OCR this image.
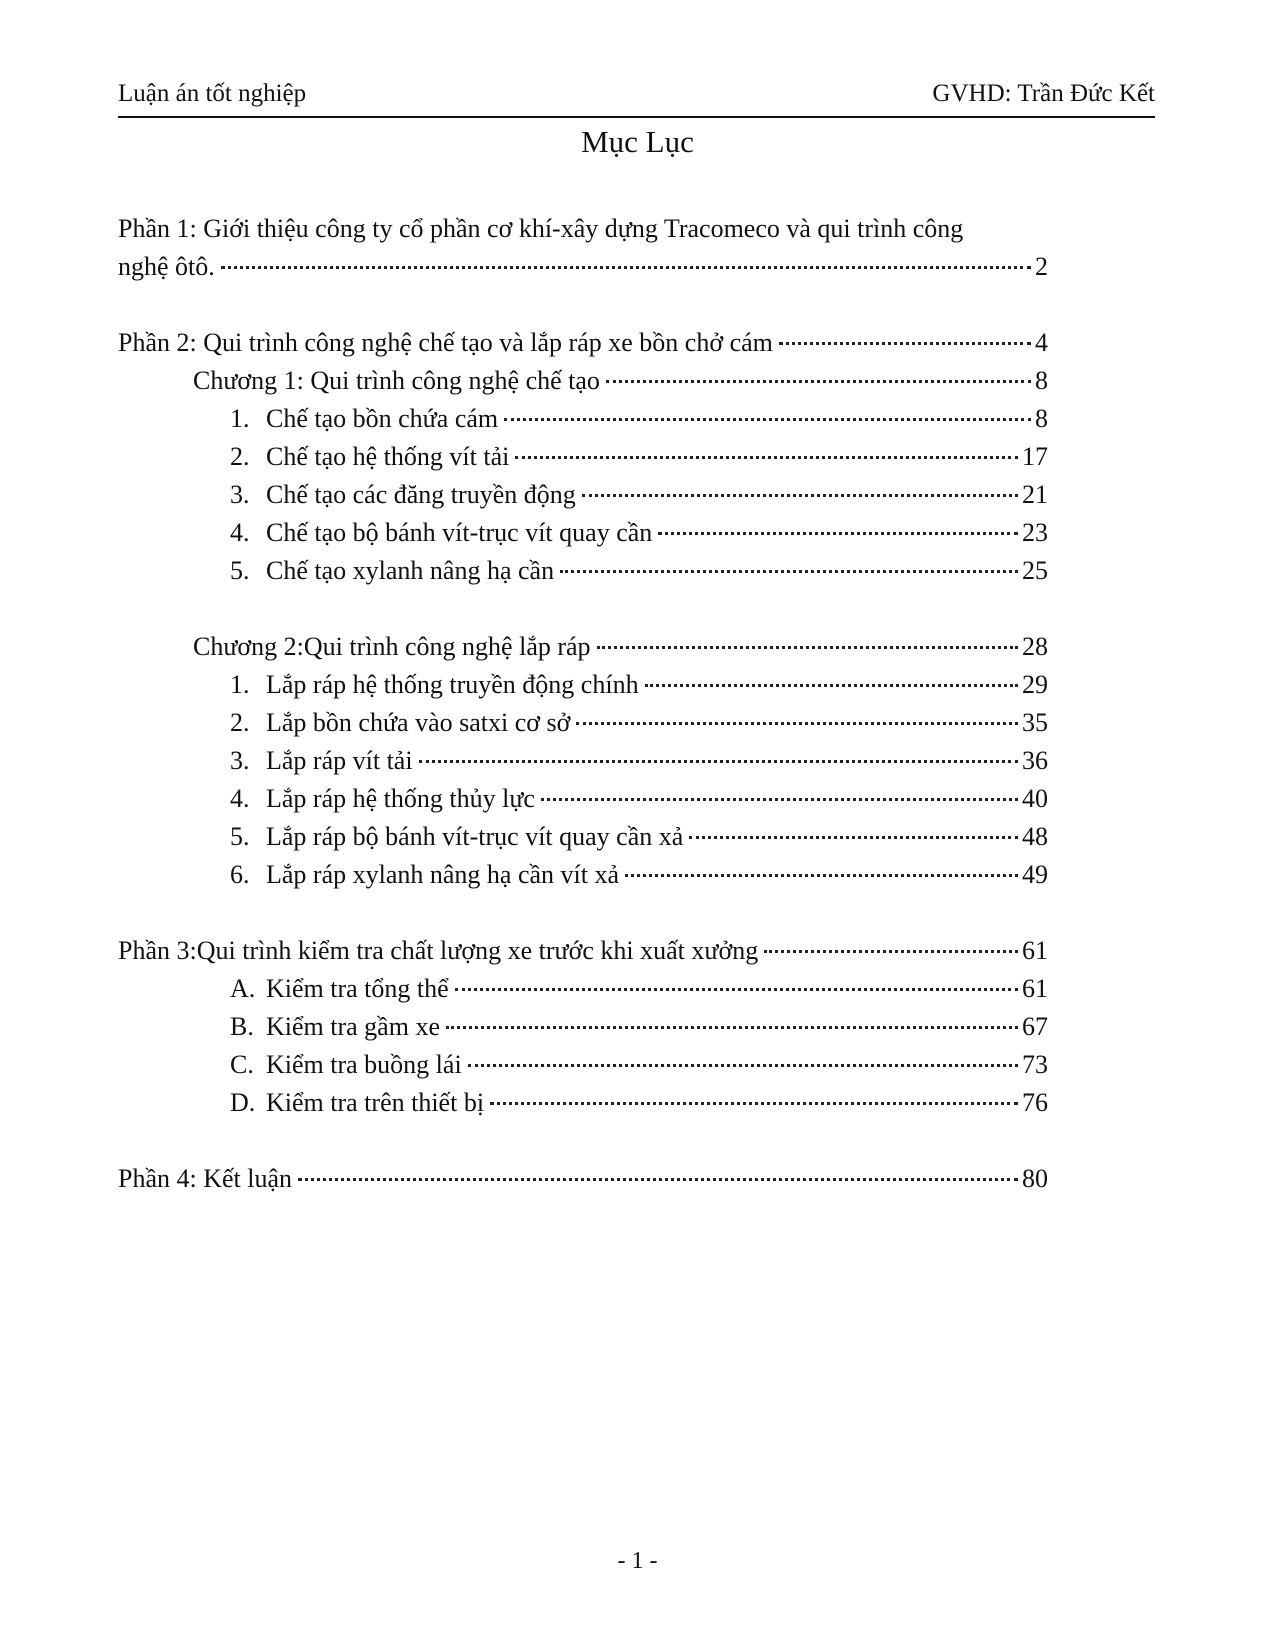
Luận án tốt nghiệp	GVHD: Trần Đức Kết
Mục Lục
Phần 1: Giới thiệu công ty cổ phần cơ khí-xây dựng Tracomeco và qui trình công
nghệ ôtô.	2
Phần 2: Qui trình công nghệ chế tạo và lắp ráp xe bồn chở cám	4
Chương 1: Qui trình công nghệ chế tạo	8
1. Chế tạo bồn chứa cám	8
2. Chế tạo hệ thống vít tải	17
3. Chế tạo các đăng truyền động	21
4. Chế tạo bộ bánh vít-trục vít quay cần	23
5. Chế tạo xylanh nâng hạ cần	25
Chương 2:Qui trình công nghệ lắp ráp	28
1. Lắp ráp hệ thống truyền động chính	29
2. Lắp bồn chứa vào satxi cơ sở	35
3. Lắp ráp vít tải	36
4. Lắp ráp hệ thống thủy lực	40
5. Lắp ráp bộ bánh vít-trục vít quay cần xả	48
6. Lắp ráp xylanh nâng hạ cần vít xả	49
Phần 3:Qui trình kiểm tra chất lượng xe trước khi xuất xưởng	61
A. Kiểm tra tổng thể	61
B. Kiểm tra gầm xe	67
C. Kiểm tra buồng lái	73
D. Kiểm tra trên thiết bị	76
Phần 4: Kết luận	80
- 1 -
